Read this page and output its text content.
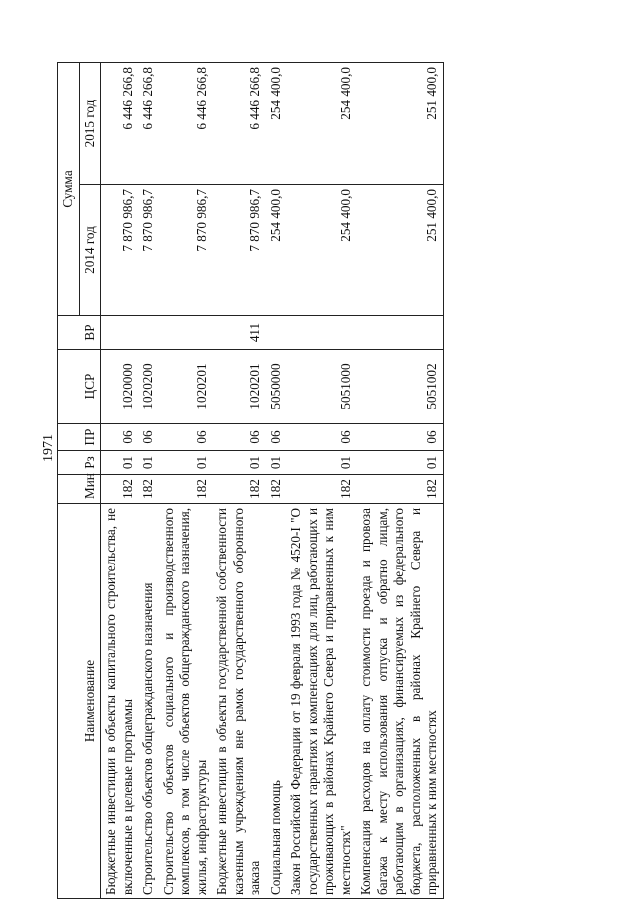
1971
Наименование	Мин	Рз	ПР	ЦСР	ВР	Сумма	
						2014 год	2015 год
Бюджетные инвестиции в объекты капитального строительства, не включенные в целевые программы	182	01	06	1020000		7 870 986,7	6 446 266,8
Строительство объектов общегражданского назначения	182	01	06	1020200		7 870 986,7	6 446 266,8
Строительство объектов социального и производственного комплексов, в том числе объектов общегражданского назначения, жилья, инфраструктуры	182	01	06	1020201		7 870 986,7	6 446 266,8
Бюджетные инвестиции в объекты государственной собственности казенным учреждениям вне рамок государственного оборонного заказа	182	01	06	1020201	411	7 870 986,7	6 446 266,8
Социальная помощь	182	01	06	5050000		254 400,0	254 400,0
Закон Российской Федерации от 19 февраля 1993 года № 4520-I "О государственных гарантиях и компенсациях для лиц, работающих и проживающих в районах Крайнего Севера и приравненных к ним местностях"	182	01	06	5051000		254 400,0	254 400,0
Компенсация расходов на оплату стоимости проезда и провоза багажа к месту использования отпуска и обратно лицам, работающим в организациях, финансируемых из федерального бюджета, расположенных в районах Крайнего Севера и приравненных к ним местностях	182	01	06	5051002		251 400,0	251 400,0
